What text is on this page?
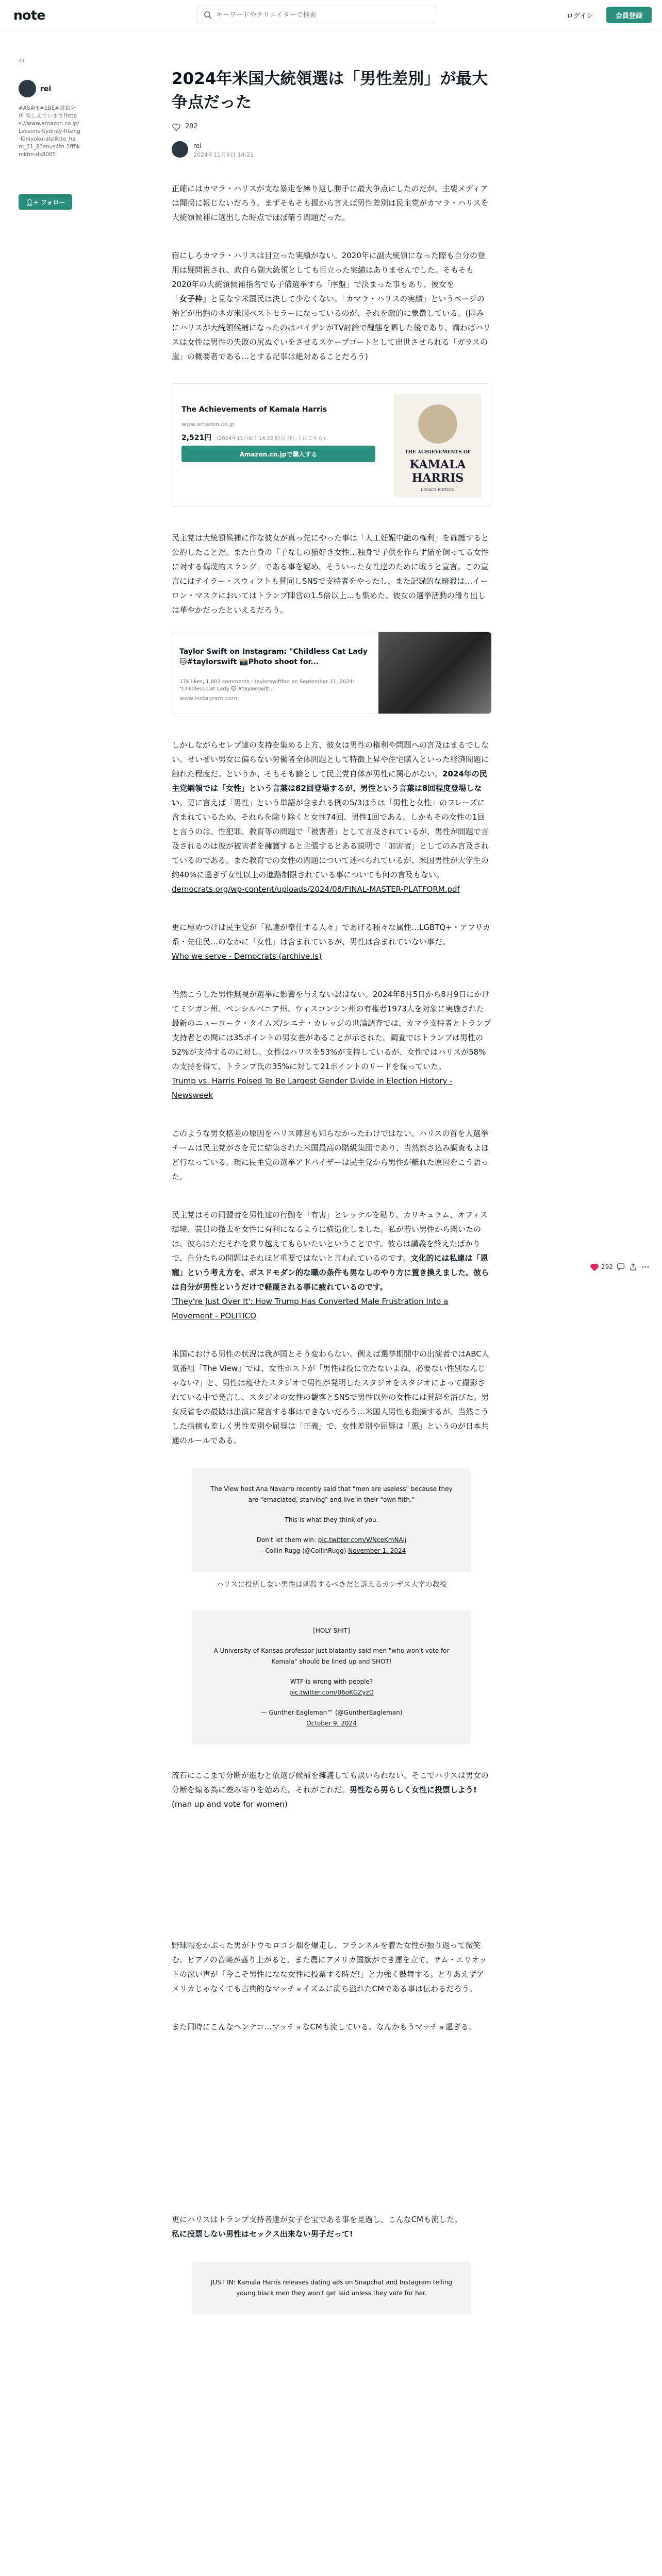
note
キーワードやクリエイターで検索	ログイン	会員登録
41
rei
#ASAHI#EBE#書籍分析 楽しんでいます!https://www.amazon.co.jp/Lessons-Sydney-Rising-Kiniyoku-alsilkite_ham_11_8?enus4tn:1ffflkmkhn-ds8005
👤︎+ フォロー
2024年米国大統領選は「男性差別」が最大争点だった
292
rei
2024年11月6日 14:21

正確にはカマラ・ハリスが支な暴走を繰り返し勝手に最大争点にしたのだが。主要メディアは聞拐に報じないだろう。まずそもそも握から言えば男性差別は民主党がカマラ・ハリスを大統領候補に選出した時点でほぼ確う間題だった。

宿にしろカマラ・ハリスは目立った実績がない。2020年に副大統領になった際も自分の登用は疑問視され、政自ら副大統領としても目立った実績はありませんでした。そもそも2020年の大統領候補指名でも子備選挙すら「序盤」で決まった事もあり、彼女を「女子枠」と見なす米国民は決して少なくない。「カマラ・ハリスの実績」というページの殆どが出鱈のネガ米国ペストセラーになっているのが、それを敵的に象徴している。(因みにハリスが大統領候補になったのはバイデンがTV討論で醜態を晒した後であり、謂わばハリスは女性は男性の失敗の尻ぬぐいをさせるスケープゴートとして出世させられる「ガラスの崖」の概要者である…とする記事は絶対あることだろう)

The Achievements of Kamala Harris
www.amazon.co.jp
2,521円 (2024年11月6日 14:22 時点 詳しくはこちら)
Amazon.co.jpで購入する	THE ACHIEVEMENTS OF
KAMALA
HARRIS
LEGACY EDITION

民主党は大統領候補に作な彼女が真っ先にやった事は「人工妊娠中絶の権利」を確護すると公約したことだ。また自身の「子なしの猫好き女性…独身で子供を作らず猫を飼ってる女性に対する侮蔑的スラング」である事を認め、そういった女性達のために戦うと宣言。この宣言にはテイラー・スウィフトも賛同しSNSで支持者をやったし、また記録的な暗殺は…イーロン・マスクにおいてはトランプ陣営の1.5倍以上…も集めた。彼女の選挙活動の滑り出しは華やかだったといえるだろう。

Taylor Swift on Instagram: "Childless Cat Lady 🐱#taylorswift 📸Photo shoot for...
17K likes, 1,803 comments - taylorswiftfan on September 11, 2024: "Childless Cat Lady 🐱 #taylorswift...
www.instagram.com

しかしながらセレブ達の支持を集める上方、彼女は男性の権利や問題への言及はまるでしない。せいぜい男女に偏らない労働者全体問題として特徴上昇や住宅購入といった経済問題に触れた程度だ。というか、そもそも論として民主党自体が男性に関心がない。2024年の民主党綱領では「女性」という言葉は82回登場するが、男性という言葉は8回程度登場しない。更に言えば「男性」という単語が含まれる例の5/3ほうは「男性と女性」のフレーズに含まれているため、それらを除り除くと女性74回、男性1回である。しかもその女性の1回と言うのは、性犯罪、教育等の問題で「被害者」として言及されているが、男性が問題で言及されるのは彼が被害者を擁護すると主張するとある説明で「加害者」としてのみ言及されているのである。また教育での女性の問題について述べられているが、米国男性が大学生の約40%に過ぎず女性以上の進路制限されている事についても何の言及もない。
democrats.org/wp-content/uploads/2024/08/FINAL-MASTER-PLATFORM.pdf

更に極めつけは民主党が「私達が奉仕する人々」であげる種々な属性…LGBTQ+・アフリカ系・先住民…のなかに「女性」は含まれているが、男性は含まれていない事だ。
Who we serve - Democrats (archive.is)

当然こうした男性無視が選挙に影響を与えない訳はない。2024年8月5日から8月9日にかけてミシガン州、ペンシルベニア州、ウィスコンシン州の有権者1973人を対象に実施された最新のニューヨーク・タイムズ/シエナ・カレッジの世論調査では、カマラ支持者とトランプ支持者との間には35ポイントの男女差があることが示された。調査ではトランプは男性の52%が支持するのに対し、女性はハリスを53%が支持しているが、女性ではハリスが58%の支持を得て、トランプ氏の35%に対して21ポイントのリードを保っていた。
Trump vs. Harris Poised To Be Largest Gender Divide in Election History - Newsweek

このような男女格差の原因をハリス陣営も知らなかったわけではない。ハリスの首を人選挙チームは民主党がさを元に結集された米国最高の階級集団であり、当然察さ込み調査もよほど行なっている。現に民主党の選挙アドバイザーは民主党から男性が離れた原因をこう語った。

民主党はその同盟者を男性達の行動を「有害」とレッテルを貼り、カリキュラム、オフィス環境、芸員の撤去を女性に有利になるように構造化しました。私が若い男性から聞いたのは、彼らはただそれを乗り越えてもらいたいということです。彼らは講義を終えたばかりで、自分たちの問題はそれほど重要ではないと言われているのです。文化的には私達は「恩寵」という考え方を、ボスドモダン的な職の条件も男なしのやり方に置き換えました。彼らは自分が男性というだけで軽蔑される事に疲れているのです。
'They're Just Over It': How Trump Has Converted Male Frustration Into a Movement - POLITICO

米国における男性の状況は我が国とそう変わらない。例えば選挙期間中の出演者ではABC人気番組「The View」では、女性ホストが「男性は役に立たないよね、必要ない性別なんじゃない?」と、男性は痩せたスタジオで男性が発明したスタジオをスタジオによって撮影されている中で発言し、スタジオの女性の観客とSNSで男性以外の女性には賛辞を浴びた。男女反省をの最破は出演に発言する事はできないだろう…米国人男性も指摘するが、当然こうした指摘も差しく男性差別や屈辱は「正義」で、女性差別や屈辱は「悪」というのが日本共通のルールである。

The View host Ana Navarro recently said that "men are useless" because they are "emaciated, starving" and live in their "own filth."

This is what they think of you.

Don't let them win: pic.twitter.com/WNceKmNAlj
— Collin Rugg (@CollinRugg) November 1, 2024

ハリスに投票しない男性は刺殺するべきだと訴えるカンザス大学の教授

[HOLY SHIT]

A University of Kansas professor just blatantly said men "who won't vote for Kamala" should be lined up and SHOT!

WTF is wrong with people?
pic.twitter.com/06oKGZyzD

— Gunther Eagleman™ (@GuntherEagleman)
October 9, 2024

流石にここまで分断が進むと依選び候補を擁護しても誤いられない。そこでハリスは男女の分断を煽る為に差み寄りを始めた。それがこれだ。男性なら男らしく女性に投票しよう!(man up and vote for women)

野球帽をかぶった男がトウモロコシ畑を爆走し、フランネルを着た女性が振り返って微笑む。ピアノの音楽が盛り上がると、また農にアメリカ国旗ができ運を立て、サム・エリオットの深い声が「今こそ男性になな女性に投票する時だ!」と力強く鼓舞する。とりあえずアメリカじゃなくても古典的なマッチョイズムに満ち溢れたCMである事は伝わるだろう。

また同時にこんなヘンテコ…マッチョなCMも流している。なんかもうマッチョ過ぎる。

更にハリスはトランプ支持者達が女子を宝である事を見過し、こんなCMも流した。
私に投票しない男性はセックス出来ない男子だって!

JUST IN: Kamala Harris releases dating ads on Snapchat and Instagram telling young black men they won't get laid unless they vote for her.

292
